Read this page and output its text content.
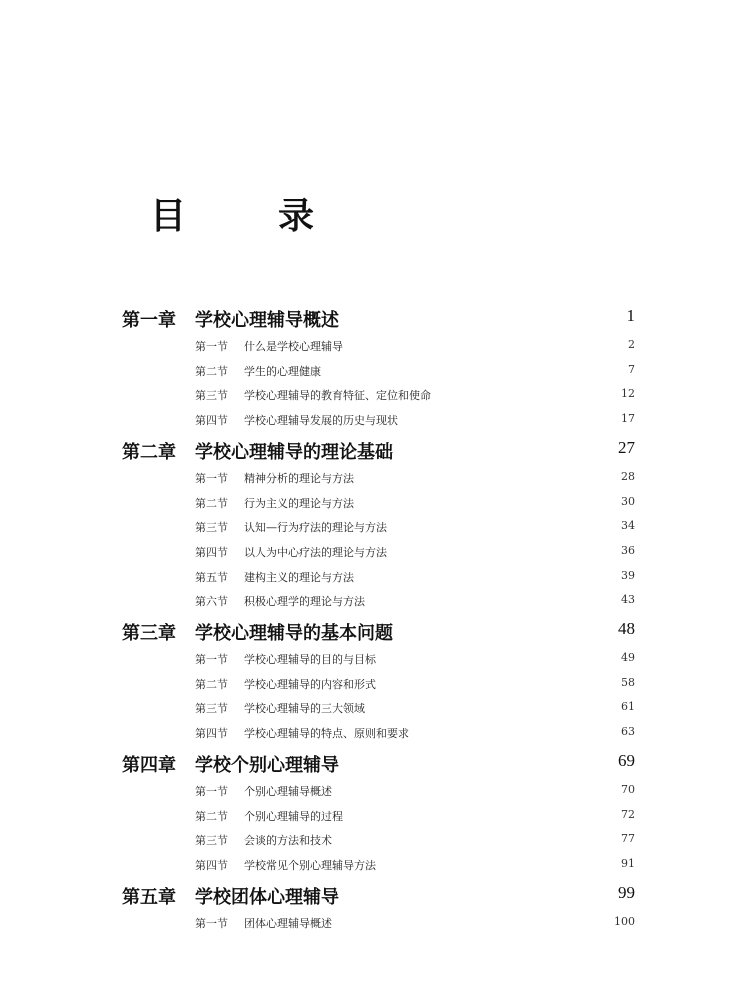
目　录
第一章 学校心理辅导概述	1
第一节 什么是学校心理辅导	2
第二节 学生的心理健康	7
第三节 学校心理辅导的教育特征、定位和使命	12
第四节 学校心理辅导发展的历史与现状	17
第二章 学校心理辅导的理论基础	27
第一节 精神分析的理论与方法	28
第二节 行为主义的理论与方法	30
第三节 认知—行为疗法的理论与方法	34
第四节 以人为中心疗法的理论与方法	36
第五节 建构主义的理论与方法	39
第六节 积极心理学的理论与方法	43
第三章 学校心理辅导的基本问题	48
第一节 学校心理辅导的目的与目标	49
第二节 学校心理辅导的内容和形式	58
第三节 学校心理辅导的三大领域	61
第四节 学校心理辅导的特点、原则和要求	63
第四章 学校个别心理辅导	69
第一节 个别心理辅导概述	70
第二节 个别心理辅导的过程	72
第三节 会谈的方法和技术	77
第四节 学校常见个别心理辅导方法	91
第五章 学校团体心理辅导	99
第一节 团体心理辅导概述	100
